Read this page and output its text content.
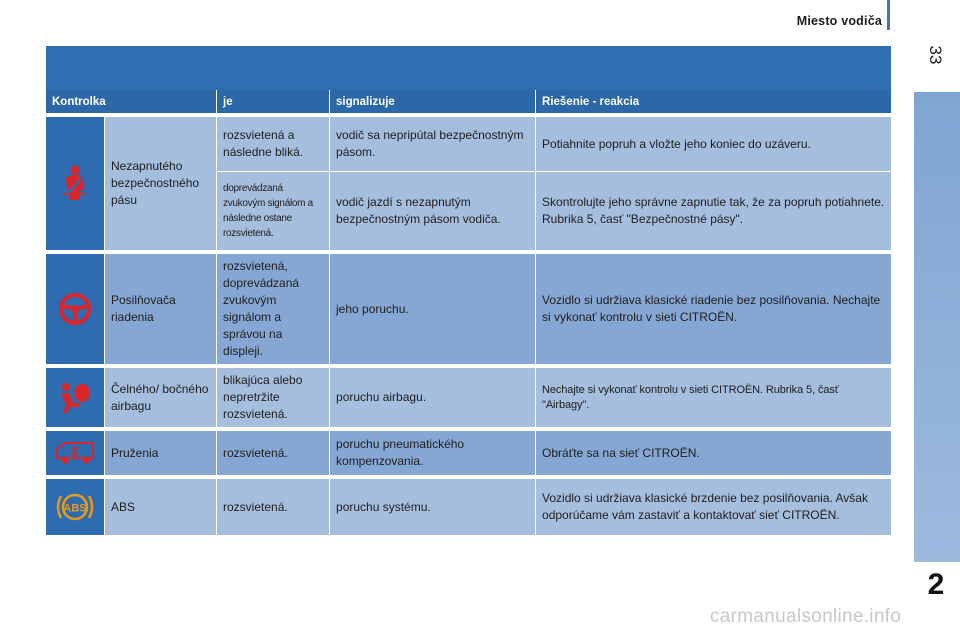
Miesto vodiča
33
2
carmanualsonline.info
Kontrolka		je	signalizuje	Riešenie - reakcia

	Nezapnutého bezpečnostného pásu	rozsvietená a následne bliká.	vodič sa nepripútal bezpečnostným pásom.	Potiahnite popruh a vložte jeho koniec do uzáveru.
		doprevádzaná zvukovým signálom a následne ostane rozsvietená.	vodič jazdí s nezapnutým bezpečnostným pásom vodiča.	Skontrolujte jeho správne zapnutie tak, že za popruh potiahnete. Rubrika 5, časť "Bezpečnostné pásy".

	Posilňovača riadenia	rozsvietená, doprevádzaná zvukovým signálom a správou na displeji.	jeho poruchu.	Vozidlo si udržiava klasické riadenie bez posilňovania. Nechajte si vykonať kontrolu v sieti CITROËN.

	Čelného/ bočného airbagu	blikajúca alebo nepretržite rozsvietená.	poruchu airbagu.	Nechajte si vykonať kontrolu v sieti CITROËN. Rubrika 5, časť "Airbagy".

	Pruženia	rozsvietená.	poruchu pneumatického kompenzovania.	Obráťte sa na sieť CITROËN.

ABS	ABS	rozsvietená.	poruchu systému.	Vozidlo si udržiava klasické brzdenie bez posilňovania. Avšak odporúčame vám zastaviť a kontaktovať sieť CITROËN.
